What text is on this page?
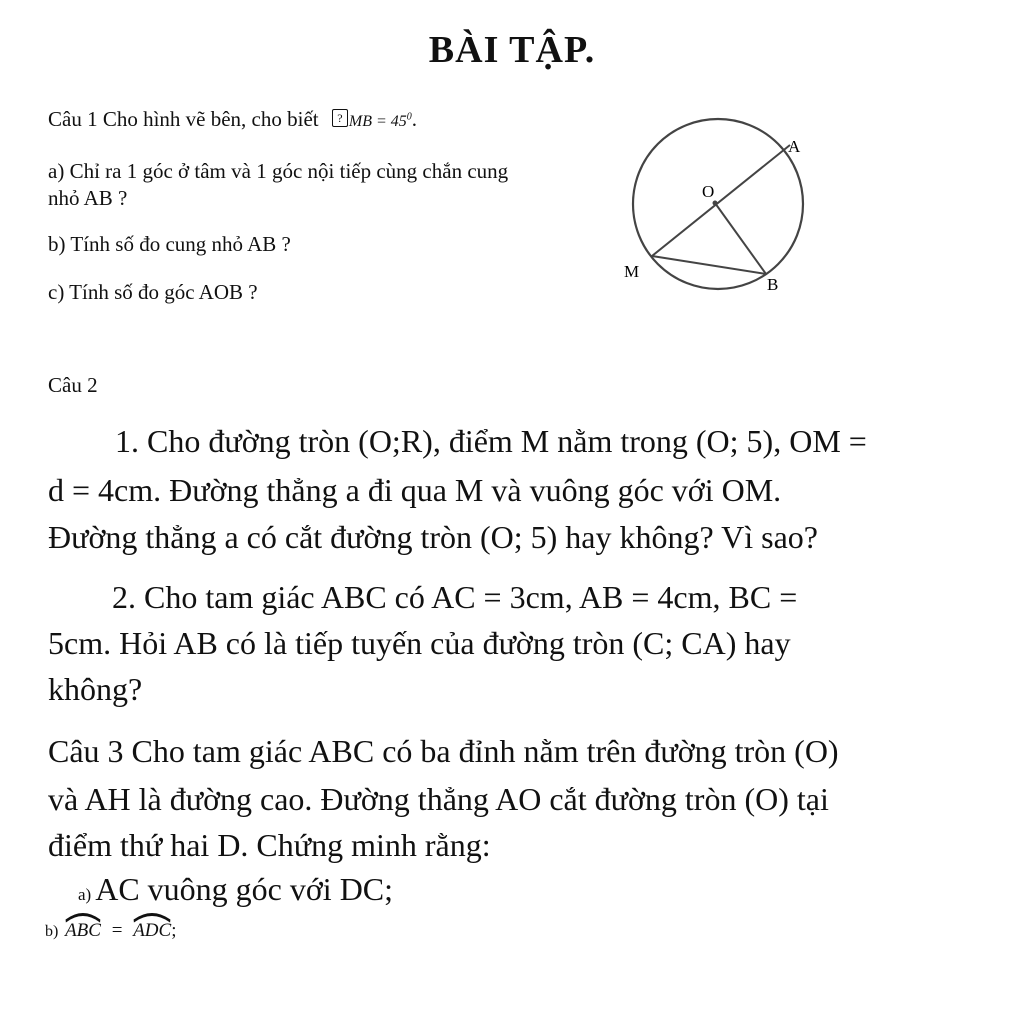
BÀI TẬP.
Câu 1 Cho hình vẽ bên, cho biết ? MB = $45^0$.
a) Chỉ ra 1 góc ở tâm và 1 góc nội tiếp cùng chắn cung
nhỏ AB ?
b) Tính số đo cung nhỏ AB ?
c) Tính số đo góc AOB ?
A
O
M
B
Câu 2
1. Cho đường tròn (O;R), điểm M nằm trong (O; 5), OM =
d = 4cm. Đường thẳng a đi qua M và vuông góc với OM.
Đường thẳng a có cắt đường tròn (O; 5) hay không? Vì sao?
2. Cho tam giác ABC có AC = 3cm, AB = 4cm, BC =
5cm. Hỏi AB có là tiếp tuyến của đường tròn (C; CA) hay
không?
Câu 3 Cho tam giác ABC có ba đỉnh nằm trên đường tròn (O)
và AH là đường cao. Đường thẳng AO cắt đường tròn (O) tại
điểm thứ hai D. Chứng minh rằng:
a) AC vuông góc với DC;
b) ABC = ADC;
